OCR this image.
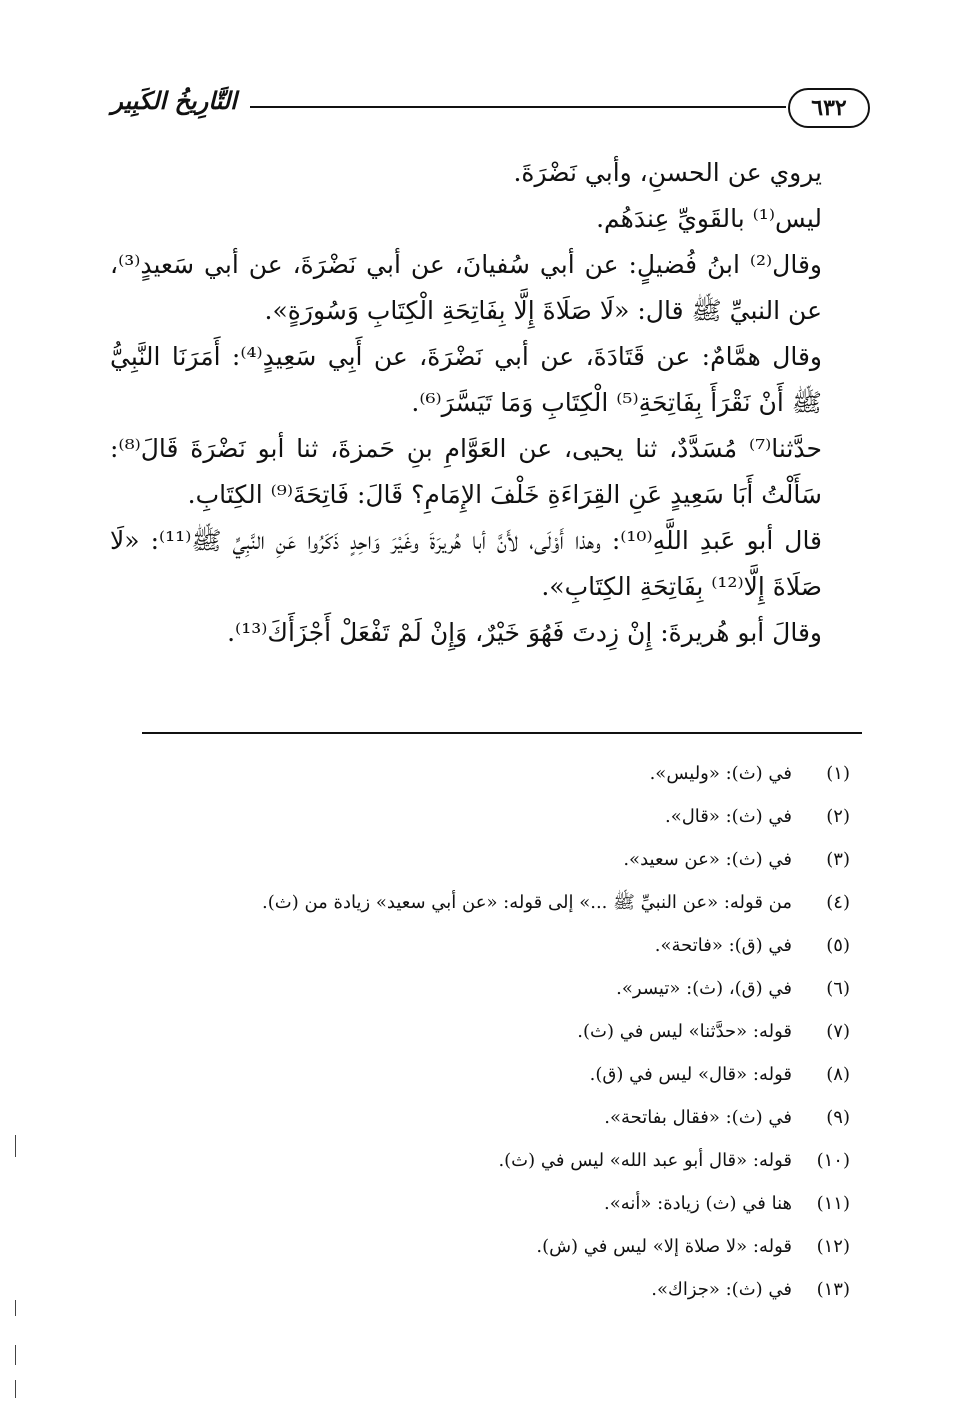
التَّارِيخُ الكَبِير	٦٣٢

يروي عن الحسنِ، وأبي نَضْرَةَ.

ليس⁽¹⁾ بالقَويِّ عِندَهُم.

وقال⁽²⁾ ابنُ فُضيلٍ: عن أبي سُفيانَ، عن أبي نَضْرَةَ، عن أبي سَعيدٍ⁽³⁾، عن النبيِّ ﷺ قال: «لَا صَلَاةَ إِلَّا بِفَاتِحَةِ الْكِتَابِ وَسُورَةٍ».

وقال همَّامٌ: عن قَتَادَةَ، عن أبي نَضْرَةَ، عن أَبِي سَعِيدٍ⁽⁴⁾: أَمَرَنَا النَّبِيُّ ﷺ أَنْ نَقْرَأَ بِفَاتِحَةِ⁽⁵⁾ الْكِتَابِ وَمَا تَيَسَّرَ⁽⁶⁾.

حدَّثنا⁽⁷⁾ مُسَدَّدٌ، ثنا يحيى، عن العَوَّامِ بنِ حَمزةَ، ثنا أبو نَضْرَةَ قَالَ⁽⁸⁾: سَأَلْتُ أَبَا سَعِيدٍ عَنِ القِرَاءَةِ خَلْفَ الإِمَامِ؟ قَالَ: فَاتِحَةَ⁽⁹⁾ الكِتَابِ.

قال أبو عَبدِ اللَّهِ⁽¹⁰⁾: وهذا أَوْلَى، لأَنَّ أبا هُريرَةَ وغَيْرَ وَاحِدٍ ذَكَرُوا عَنِ النَّبِيِّ ﷺ⁽¹¹⁾: «لَا صَلَاةَ إِلَّا⁽¹²⁾ بِفَاتِحَةِ الكِتَابِ».

وقالَ أبو هُريرةَ: إِنْ زِدتَ فَهُوَ خَيْرٌ، وَإِنْ لَمْ تَفْعَلْ أَجْزَأَكَ⁽¹³⁾.

(١)
في (ث): «وليس».
(٢)
في (ث): «قال».
(٣)
في (ث): «عن سعيد».
(٤)
من قوله: «عن النبيِّ ﷺ ...» إلى قوله: «عن أبي سعيد» زيادة من (ث).
(٥)
في (ق): «فاتحة».
(٦)
في (ق)، (ث): «تيسر».
(٧)
قوله: «حدَّثنا» ليس في (ث).
(٨)
قوله: «قال» ليس في (ق).
(٩)
في (ث): «فقال بفاتحة».
(١٠)
قوله: «قال أبو عبد الله» ليس في (ث).
(١١)
هنا في (ث) زيادة: «أنه».
(١٢)
قوله: «لا صلاة إلا» ليس في (ش).
(١٣)
في (ث): «جزاك».
